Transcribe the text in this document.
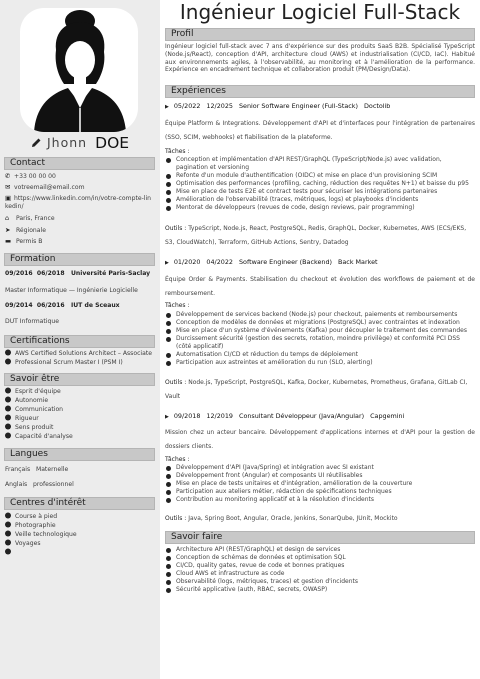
Jhonn DOE
Contact
✆ +33 00 00 00
✉ votreemail@email.com
▣ https://www.linkedin.com/in/votre-compte-lin
kedin/
⌂ Paris, France
➤ Régionale
▬ Permis B
Formation
09/2016 06/2018 Université Paris-Saclay
Master Informatique — Ingénierie Logicielle
09/2014 06/2016 IUT de Sceaux
DUT Informatique
Certifications
AWS Certified Solutions Architect – Associate
Professional Scrum Master I (PSM I)
Savoir être
Esprit d'équipe
Autonomie
Communication
Rigueur
Sens produit
Capacité d'analyse
Langues
Français Maternelle
Anglais professionnel
Centres d'intérêt
Course à pied
Photographie
Veille technologique
Voyages
Ingénieur Logiciel Full-Stack
Profil
Ingénieur logiciel full-stack avec 7 ans d'expérience sur des produits SaaS B2B. Spécialisé TypeScript (Node.js/React), conception d'API, architecture cloud (AWS) et industrialisation (CI/CD, IaC). Habitué aux environnements agiles, à l'observabilité, au monitoring et à l'amélioration de la performance. Expérience en encadrement technique et collaboration produit (PM/Design/Data).
Expériences
▶ 05/2022 12/2025 Senior Software Engineer (Full-Stack) Doctolib
Équipe Platform & Integrations. Développement d'API et d'interfaces pour l'intégration de partenaires (SSO, SCIM, webhooks) et fiabilisation de la plateforme.
Tâches :
Conception et implémentation d'API REST/GraphQL (TypeScript/Node.js) avec validation, pagination et versioning
Refonte d'un module d'authentification (OIDC) et mise en place d'un provisioning SCIM
Optimisation des performances (profiling, caching, réduction des requêtes N+1) et baisse du p95
Mise en place de tests E2E et contract tests pour sécuriser les intégrations partenaires
Amélioration de l'observabilité (traces, métriques, logs) et playbooks d'incidents
Mentorat de développeurs (revues de code, design reviews, pair programming)
Outils : TypeScript, Node.js, React, PostgreSQL, Redis, GraphQL, Docker, Kubernetes, AWS (ECS/EKS, S3, CloudWatch), Terraform, GitHub Actions, Sentry, Datadog
▶ 01/2020 04/2022 Software Engineer (Backend) Back Market
Équipe Order & Payments. Stabilisation du checkout et évolution des workflows de paiement et de remboursement.
Tâches :
Développement de services backend (Node.js) pour checkout, paiements et remboursements
Conception de modèles de données et migrations (PostgreSQL) avec contraintes et indexation
Mise en place d'un système d'événements (Kafka) pour découpler le traitement des commandes
Durcissement sécurité (gestion des secrets, rotation, moindre privilège) et conformité PCI DSS (côté applicatif)
Automatisation CI/CD et réduction du temps de déploiement
Participation aux astreintes et amélioration du run (SLO, alerting)
Outils : Node.js, TypeScript, PostgreSQL, Kafka, Docker, Kubernetes, Prometheus, Grafana, GitLab CI, Vault
▶ 09/2018 12/2019 Consultant Développeur (Java/Angular) Capgemini
Mission chez un acteur bancaire. Développement d'applications internes et d'API pour la gestion de dossiers clients.
Tâches :
Développement d'API (Java/Spring) et intégration avec SI existant
Développement front (Angular) et composants UI réutilisables
Mise en place de tests unitaires et d'intégration, amélioration de la couverture
Participation aux ateliers métier, rédaction de spécifications techniques
Contribution au monitoring applicatif et à la résolution d'incidents
Outils : Java, Spring Boot, Angular, Oracle, Jenkins, SonarQube, JUnit, Mockito
Savoir faire
Architecture API (REST/GraphQL) et design de services
Conception de schémas de données et optimisation SQL
CI/CD, quality gates, revue de code et bonnes pratiques
Cloud AWS et infrastructure as code
Observabilité (logs, métriques, traces) et gestion d'incidents
Sécurité applicative (auth, RBAC, secrets, OWASP)
